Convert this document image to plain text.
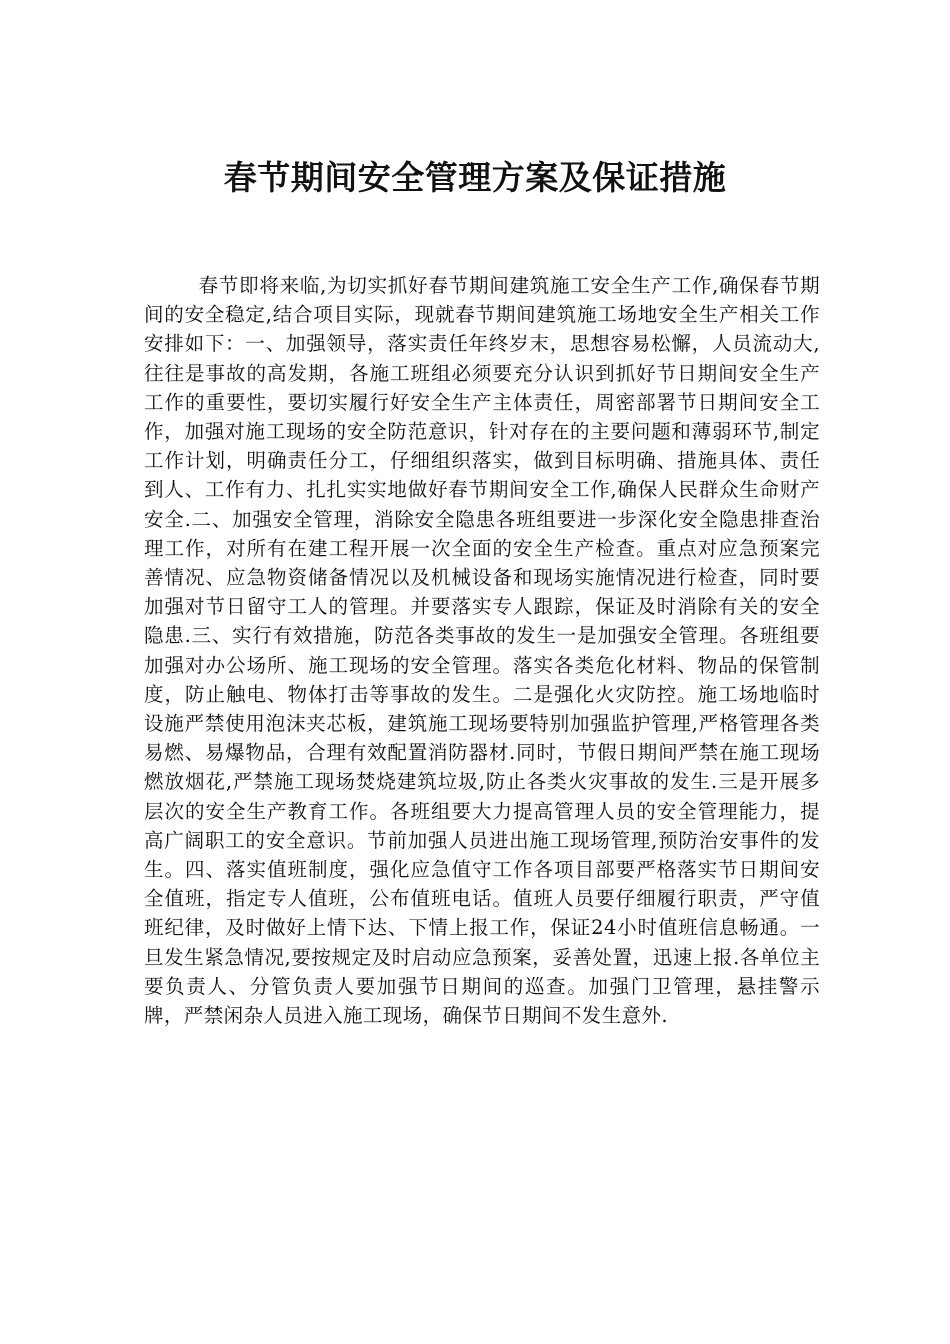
春节期间安全管理方案及保证措施

春节即将来临,为切实抓好春节期间建筑施工安全生产工作,确保春节期间的安全稳定,结合项目实际，现就春节期间建筑施工场地安全生产相关工作安排如下：一、加强领导，落实责任年终岁末，思想容易松懈，人员流动大,往往是事故的高发期，各施工班组必须要充分认识到抓好节日期间安全生产工作的重要性，要切实履行好安全生产主体责任，周密部署节日期间安全工作，加强对施工现场的安全防范意识，针对存在的主要问题和薄弱环节,制定工作计划，明确责任分工，仔细组织落实，做到目标明确、措施具体、责任到人、工作有力、扎扎实实地做好春节期间安全工作,确保人民群众生命财产安全.二、加强安全管理，消除安全隐患各班组要进一步深化安全隐患排查治理工作，对所有在建工程开展一次全面的安全生产检查。重点对应急预案完善情况、应急物资储备情况以及机械设备和现场实施情况进行检查，同时要加强对节日留守工人的管理。并要落实专人跟踪，保证及时消除有关的安全隐患.三、实行有效措施，防范各类事故的发生一是加强安全管理。各班组要加强对办公场所、施工现场的安全管理。落实各类危化材料、物品的保管制度，防止触电、物体打击等事故的发生。二是强化火灾防控。施工场地临时设施严禁使用泡沫夹芯板，建筑施工现场要特别加强监护管理,严格管理各类易燃、易爆物品，合理有效配置消防器材.同时，节假日期间严禁在施工现场燃放烟花,严禁施工现场焚烧建筑垃圾,防止各类火灾事故的发生.三是开展多层次的安全生产教育工作。各班组要大力提高管理人员的安全管理能力，提高广阔职工的安全意识。节前加强人员进出施工现场管理,预防治安事件的发生。四、落实值班制度，强化应急值守工作各项目部要严格落实节日期间安全值班，指定专人值班，公布值班电话。值班人员要仔细履行职责，严守值班纪律，及时做好上情下达、下情上报工作，保证24小时值班信息畅通。一旦发生紧急情况,要按规定及时启动应急预案，妥善处置，迅速上报.各单位主要负责人、分管负责人要加强节日期间的巡查。加强门卫管理，悬挂警示牌，严禁闲杂人员进入施工现场，确保节日期间不发生意外.
